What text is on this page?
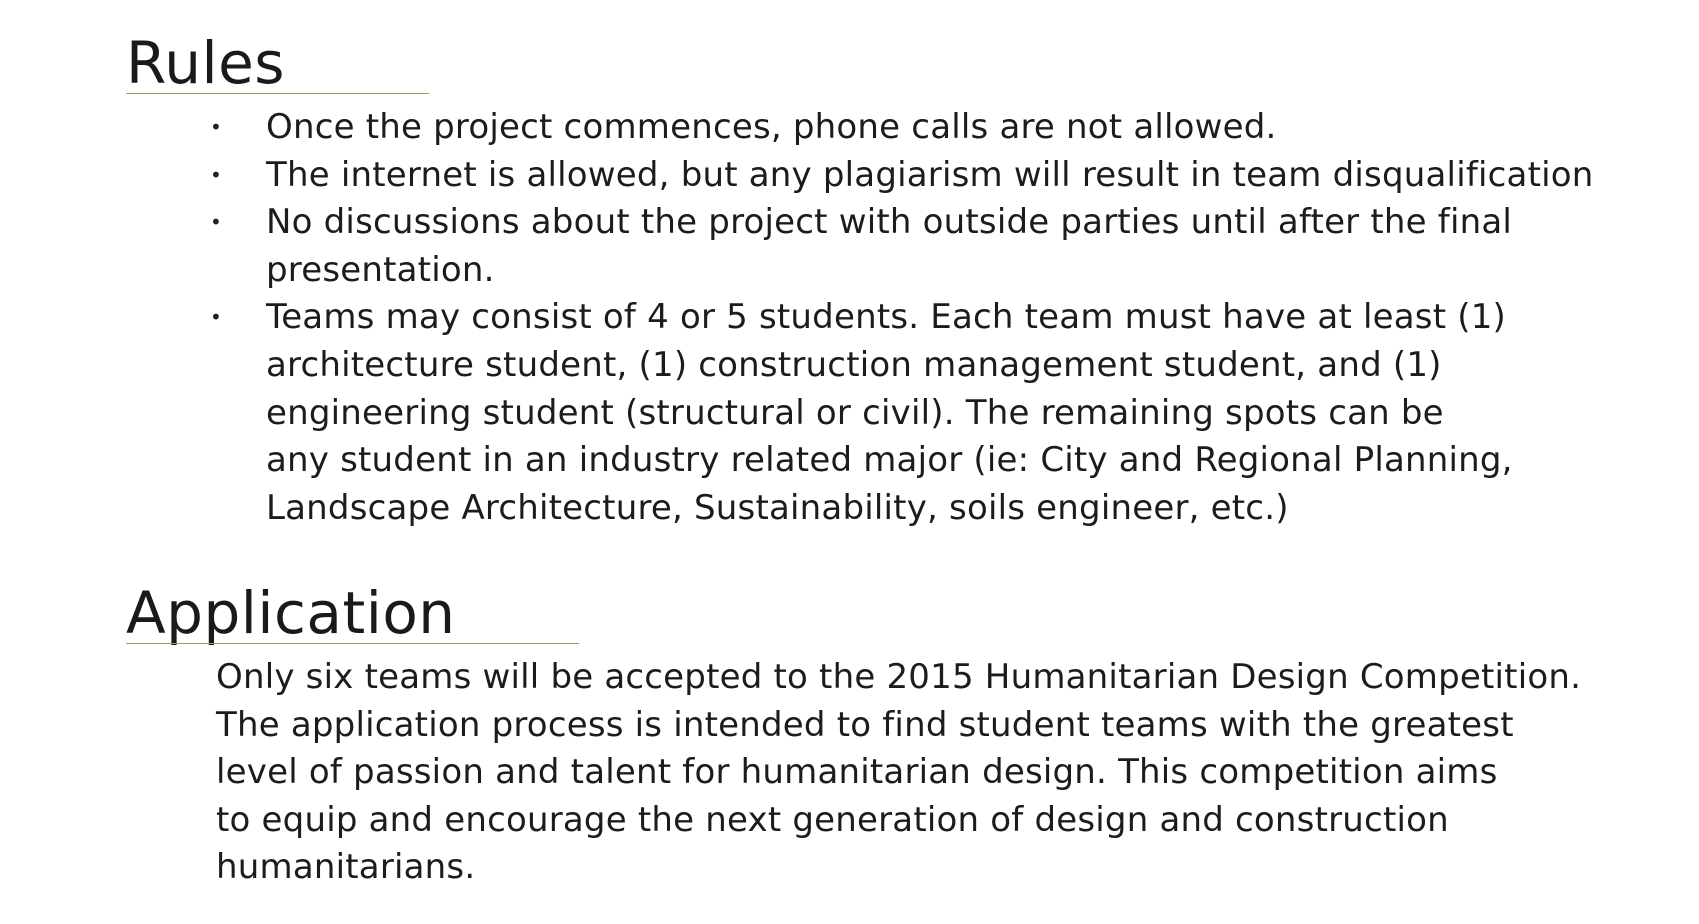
Rules
• Once the project commences, phone calls are not allowed.
• The internet is allowed, but any plagiarism will result in team disqualification
• No discussions about the project with outside parties until after the final
presentation.
• Teams may consist of 4 or 5 students. Each team must have at least (1)
architecture student, (1) construction management student, and (1)
engineering student (structural or civil). The remaining spots can be
any student in an industry related major (ie: City and Regional Planning,
Landscape Architecture, Sustainability, soils engineer, etc.)
Application

Only six teams will be accepted to the 2015 Humanitarian Design Competition.
The application process is intended to find student teams with the greatest
level of passion and talent for humanitarian design. This competition aims
to equip and encourage the next generation of design and construction
humanitarians.
